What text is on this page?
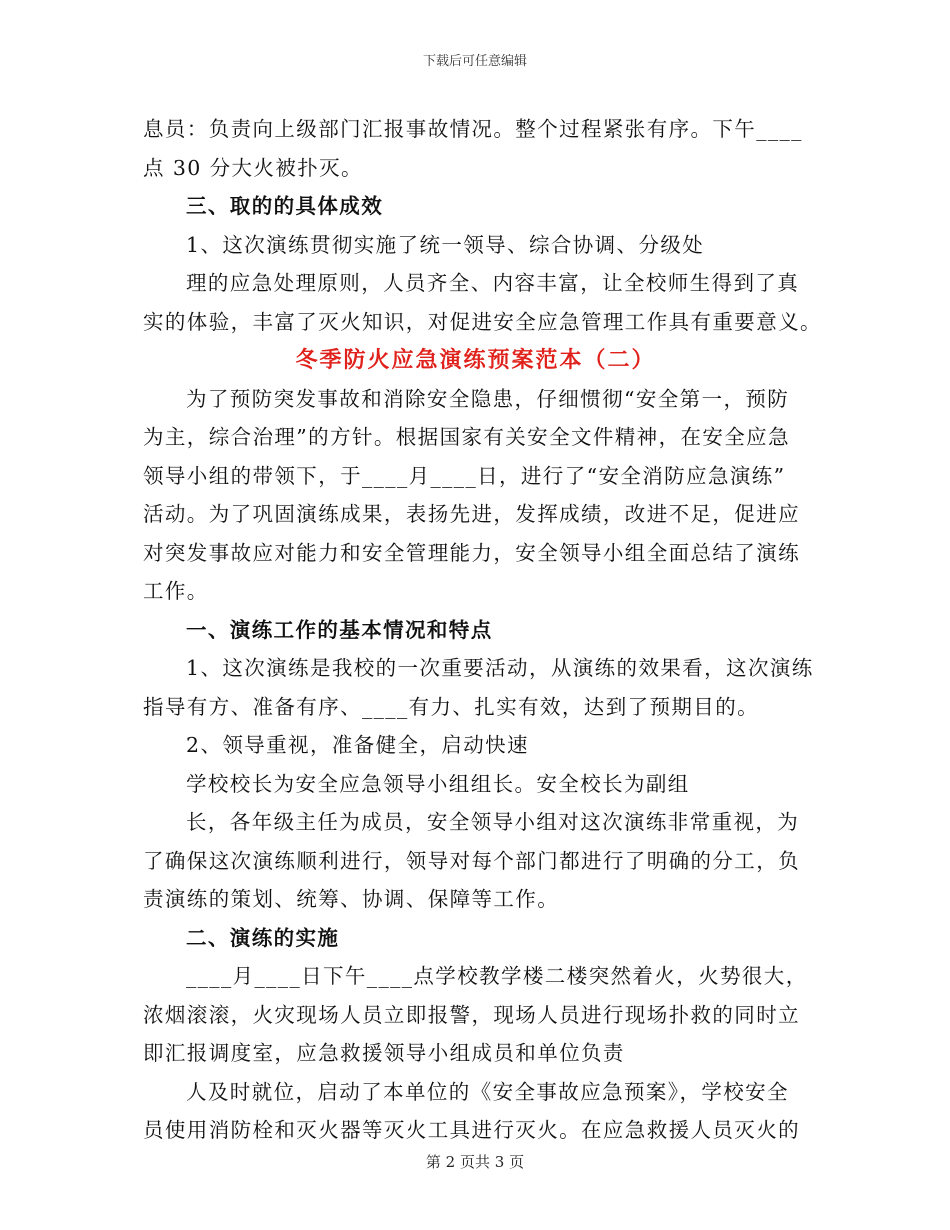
下载后可任意编辑

息员：负责向上级部门汇报事故情况。整个过程紧张有序。下午____

点 30 分大火被扑灭。

三、取的的具体成效

1、这次演练贯彻实施了统一领导、综合协调、分级处

理的应急处理原则，人员齐全、内容丰富，让全校师生得到了真

实的体验，丰富了灭火知识，对促进安全应急管理工作具有重要意义。

冬季防火应急演练预案范本（二）

为了预防突发事故和消除安全隐患，仔细惯彻“安全第一，预防

为主，综合治理”的方针。根据国家有关安全文件精神，在安全应急

领导小组的带领下，于____月____日，进行了“安全消防应急演练”

活动。为了巩固演练成果，表扬先进，发挥成绩，改进不足，促进应

对突发事故应对能力和安全管理能力，安全领导小组全面总结了演练

工作。

一、演练工作的基本情况和特点

1、这次演练是我校的一次重要活动，从演练的效果看，这次演练

指导有方、准备有序、____有力、扎实有效，达到了预期目的。

2、领导重视，准备健全，启动快速

学校校长为安全应急领导小组组长。安全校长为副组

长，各年级主任为成员，安全领导小组对这次演练非常重视，为

了确保这次演练顺利进行，领导对每个部门都进行了明确的分工，负

责演练的策划、统筹、协调、保障等工作。

二、演练的实施

____月____日下午____点学校教学楼二楼突然着火，火势很大，

浓烟滚滚，火灾现场人员立即报警，现场人员进行现场扑救的同时立

即汇报调度室，应急救援领导小组成员和单位负责

人及时就位，启动了本单位的《安全事故应急预案》，学校安全

员使用消防栓和灭火器等灭火工具进行灭火。在应急救援人员灭火的

第 2 页共 3 页
